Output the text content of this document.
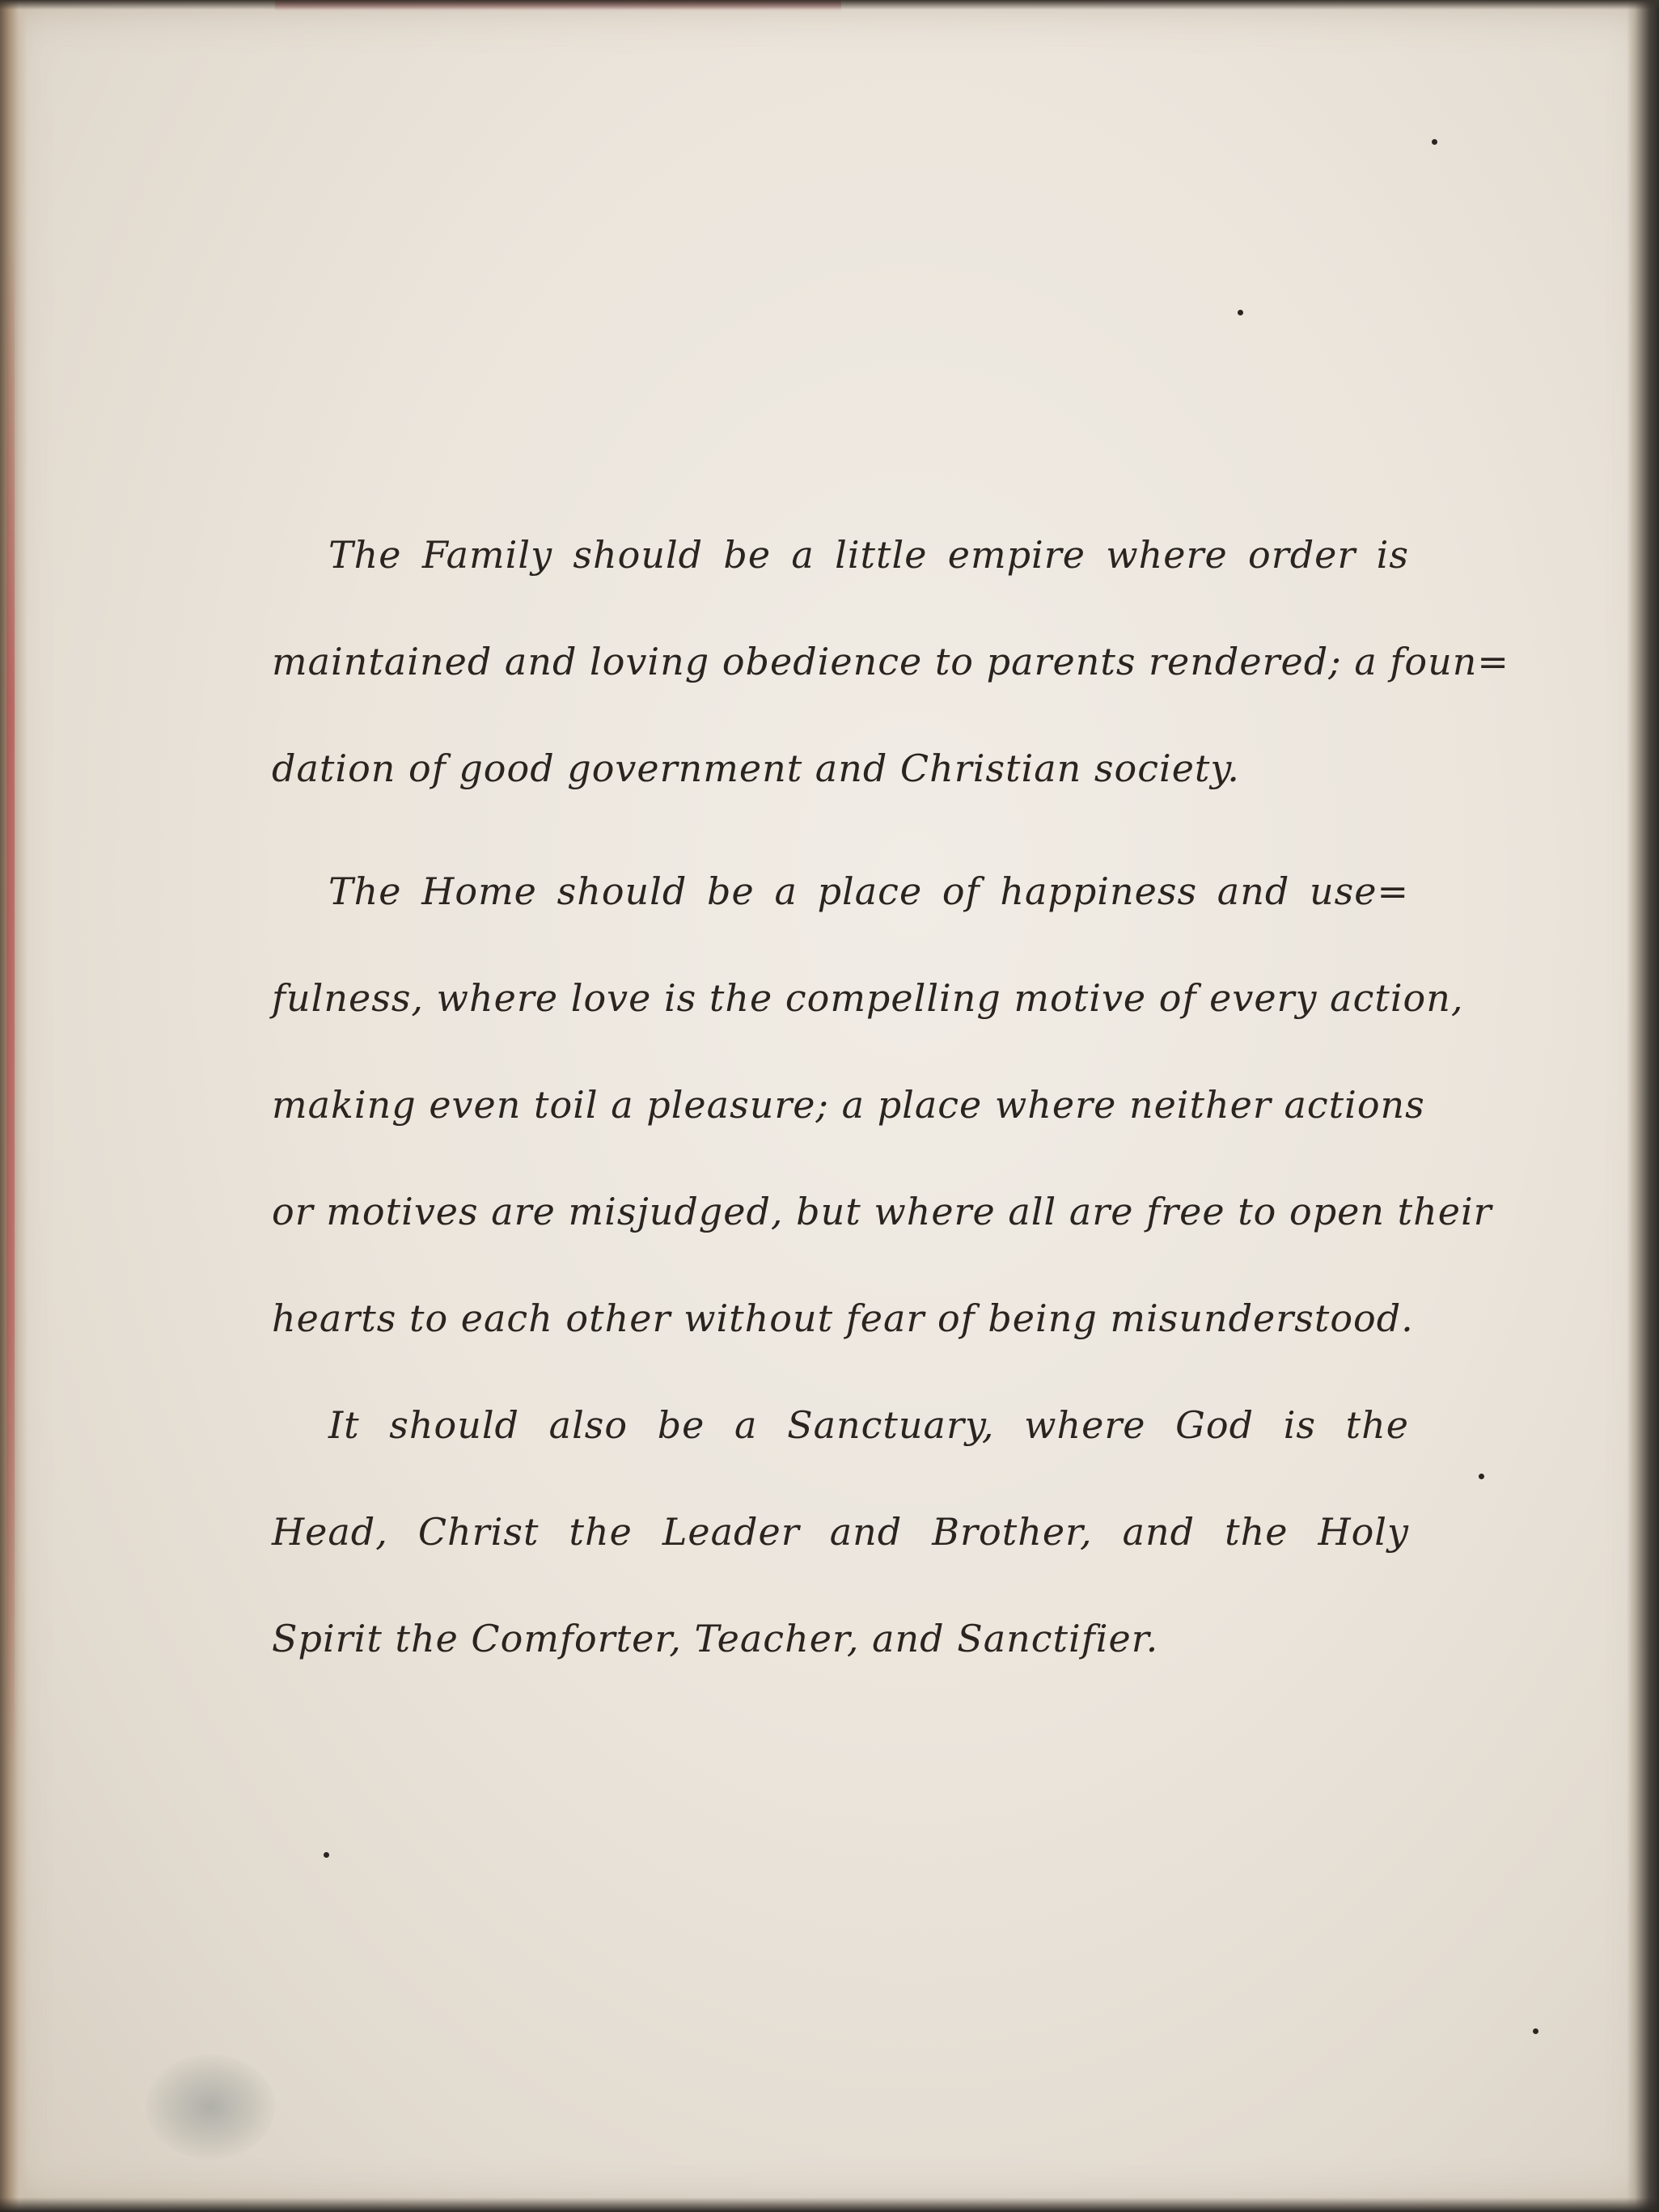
The Family should be a little empire where order is
maintained and loving obedience to parents rendered; a foun=
dation of good government and Christian society.
The Home should be a place of happiness and use=
fulness, where love is the compelling motive of every action,
making even toil a pleasure; a place where neither actions
or motives are misjudged, but where all are free to open their
hearts to each other without fear of being misunderstood.
It should also be a Sanctuary, where God is the
Head, Christ the Leader and Brother, and the Holy
Spirit the Comforter, Teacher, and Sanctifier.
